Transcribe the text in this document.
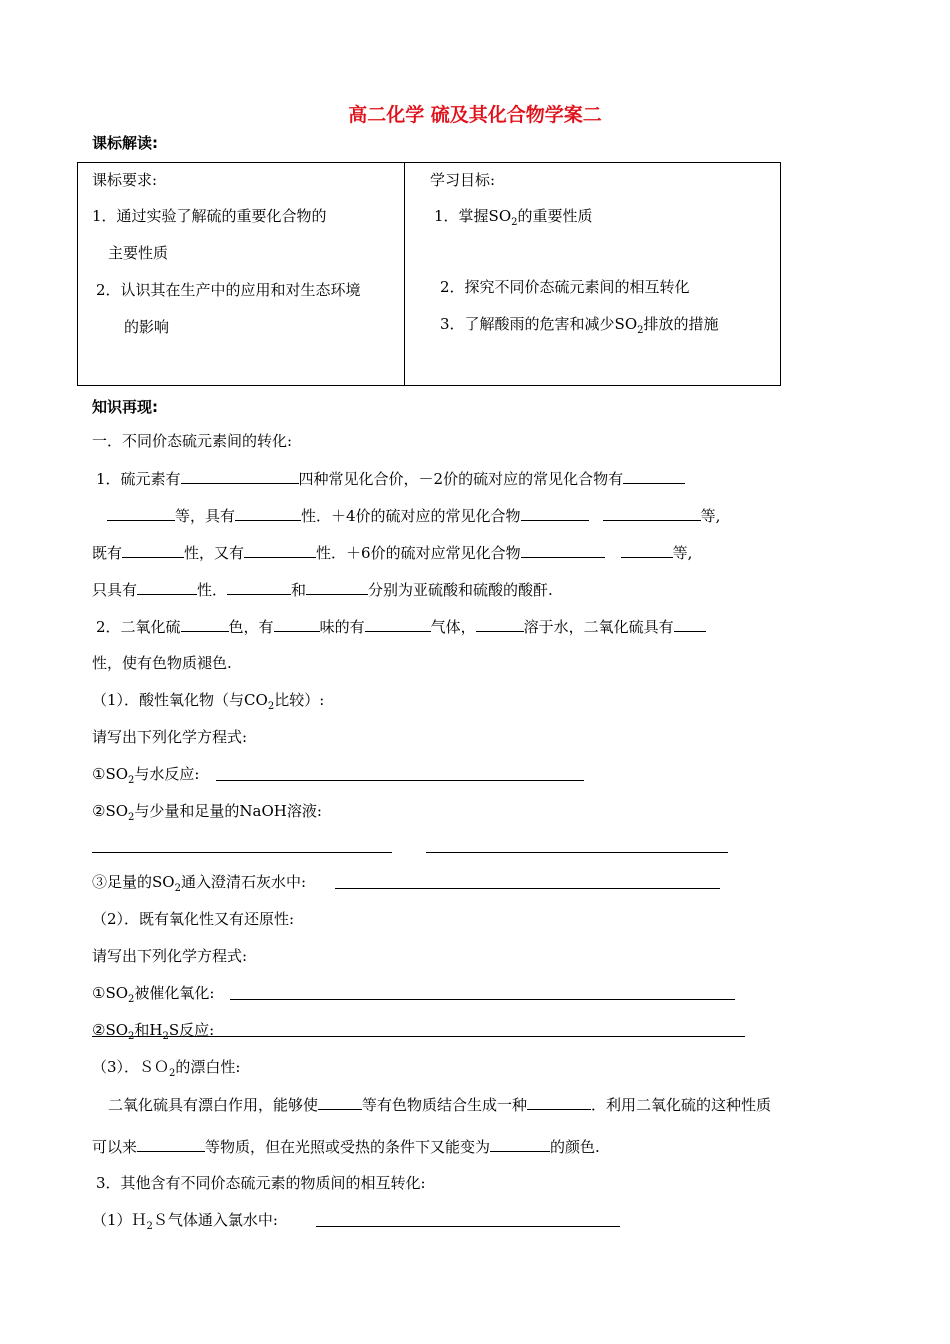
高二化学 硫及其化合物学案二
课标解读:
课标要求:
1．通过实验了解硫的重要化合物的
主要性质
2．认识其在生产中的应用和对生态环境
的影响
学习目标:
1．掌握$SO_2$的重要性质
2．探究不同价态硫元素间的相互转化
3．了解酸雨的危害和减少$SO_2$排放的措施
知识再现:
一．不同价态硫元素间的转化:
1．硫元素有	四种常见化合价，－2价的硫对应的常见化合物有
等，具有	性．＋4价的硫对应的常见化合物	等,
既有	性，又有	性．＋6价的硫对应常见化合物	等,
只具有	性．	和	分别为亚硫酸和硫酸的酸酐.
2．二氧化硫	色，有	味的有	气体，	溶于水，二氧化硫具有
性，使有色物质褪色.
（1）．酸性氧化物（与$CO_2$比较）:
请写出下列化学方程式:
$①SO_2$与水反应:
$②SO_2$与少量和足量的NaOH溶液:
③足量的$SO_2$通入澄清石灰水中:
（2）．既有氧化性又有还原性:
请写出下列化学方程式:
$①SO_2$被催化氧化:
$②SO_2$和$H_2S$反应:
（3）．ＳＯ$_2$的漂白性:
二氧化硫具有漂白作用，能够使	等有色物质结合生成一种	．利用二氧化硫的这种性质
可以来	等物质，但在光照或受热的条件下又能变为	的颜色.
3．其他含有不同价态硫元素的物质间的相互转化:
（1）Ｈ$_2$Ｓ气体通入氯水中:
